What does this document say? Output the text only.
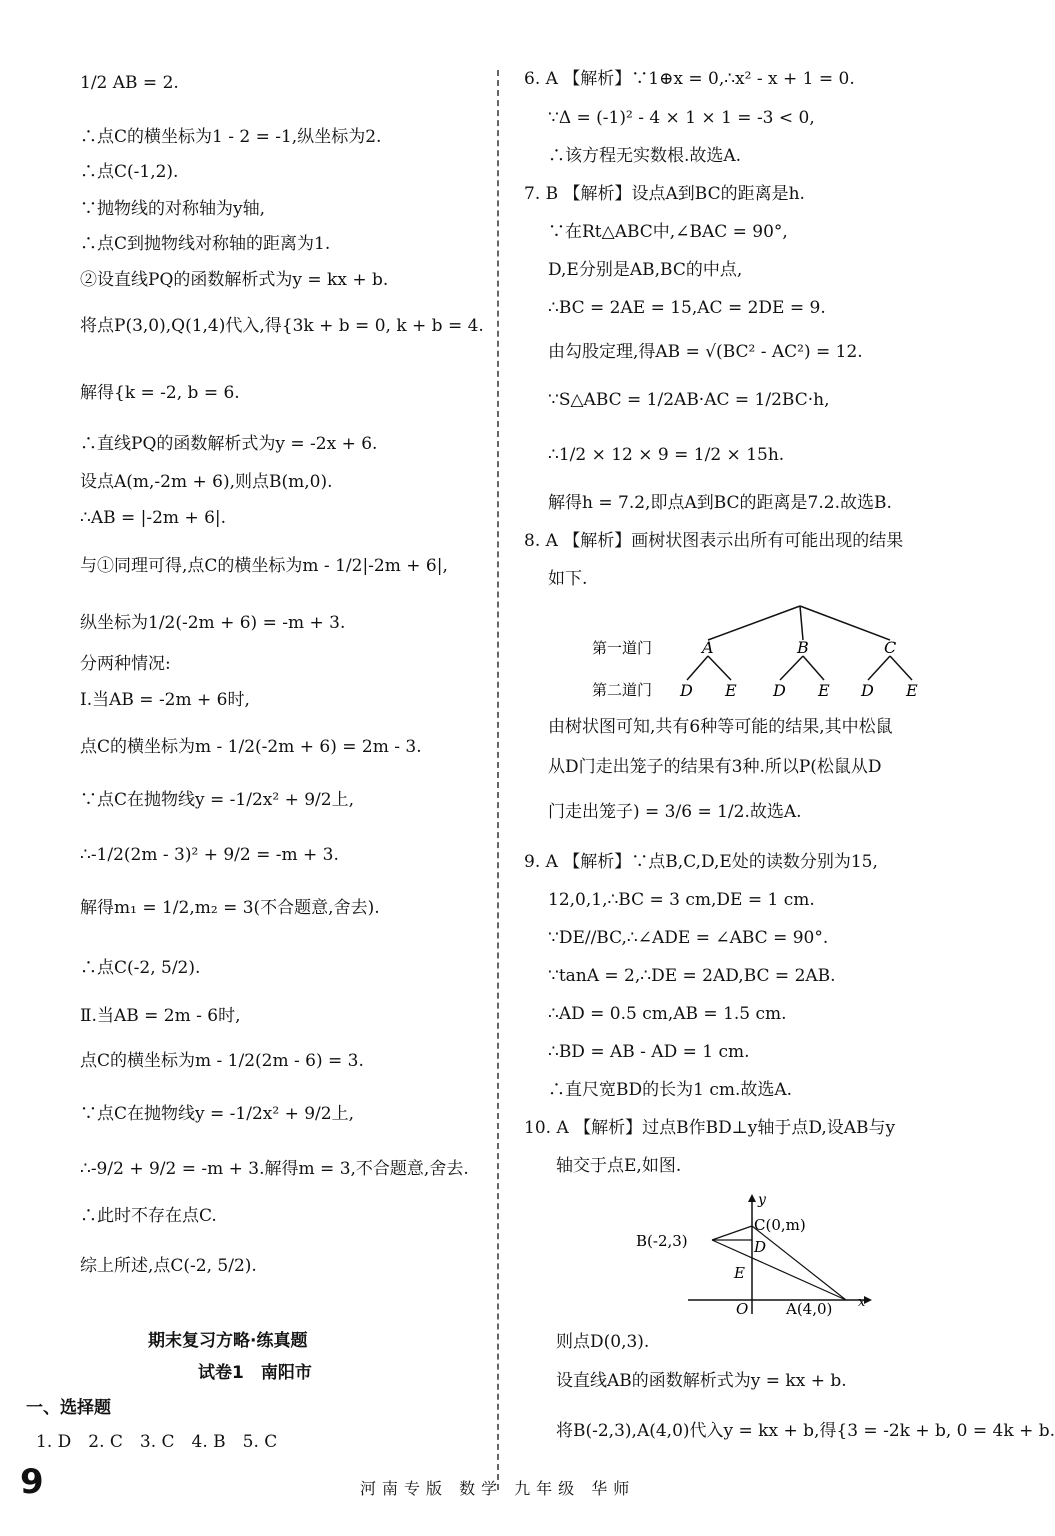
1/2 AB = 2.
∴点C的横坐标为1 - 2 = -1,纵坐标为2.
∴点C(-1,2).
∵抛物线的对称轴为y轴,
∴点C到抛物线对称轴的距离为1.
②设直线PQ的函数解析式为y = kx + b.
将点P(3,0),Q(1,4)代入,得{3k + b = 0, k + b = 4.
解得{k = -2, b = 6.
∴直线PQ的函数解析式为y = -2x + 6.
设点A(m,-2m + 6),则点B(m,0).
∴AB = |-2m + 6|.
与①同理可得,点C的横坐标为m - 1/2|-2m + 6|,
纵坐标为1/2(-2m + 6) = -m + 3.
分两种情况:
Ⅰ.当AB = -2m + 6时,
点C的横坐标为m - 1/2(-2m + 6) = 2m - 3.
∵点C在抛物线y = -1/2x² + 9/2上,
∴-1/2(2m - 3)² + 9/2 = -m + 3.
解得m₁ = 1/2,m₂ = 3(不合题意,舍去).
∴点C(-2, 5/2).
Ⅱ.当AB = 2m - 6时,
点C的横坐标为m - 1/2(2m - 6) = 3.
∵点C在抛物线y = -1/2x² + 9/2上,
∴-9/2 + 9/2 = -m + 3.解得m = 3,不合题意,舍去.
∴此时不存在点C.
综上所述,点C(-2, 5/2).
期末复习方略·练真题
试卷1　南阳市
一、选择题
1. D　2. C　3. C　4. B　5. C
6. A 【解析】∵1⊕x = 0,∴x² - x + 1 = 0.
∵Δ = (-1)² - 4 × 1 × 1 = -3 < 0,
∴该方程无实数根.故选A.
7. B 【解析】设点A到BC的距离是h.
∵在Rt△ABC中,∠BAC = 90°,
D,E分别是AB,BC的中点,
∴BC = 2AE = 15,AC = 2DE = 9.
由勾股定理,得AB = √(BC² - AC²) = 12.
∵S△ABC = 1/2AB·AC = 1/2BC·h,
∴1/2 × 12 × 9 = 1/2 × 15h.
解得h = 7.2,即点A到BC的距离是7.2.故选B.
8. A 【解析】画树状图表示出所有可能出现的结果
如下.
第一道门
第二道门
A	B	C
D E D E D E
由树状图可知,共有6种等可能的结果,其中松鼠
从D门走出笼子的结果有3种.所以P(松鼠从D
门走出笼子) = 3/6 = 1/2.故选A.
9. A 【解析】∵点B,C,D,E处的读数分别为15,
12,0,1,∴BC = 3 cm,DE = 1 cm.
∵DE//BC,∴∠ADE = ∠ABC = 90°.
∵tanA = 2,∴DE = 2AD,BC = 2AB.
∴AD = 0.5 cm,AB = 1.5 cm.
∴BD = AB - AD = 1 cm.
∴直尺宽BD的长为1 cm.故选A.
10. A 【解析】过点B作BD⊥y轴于点D,设AB与y
轴交于点E,如图.
y
C(0,m)
B(-2,3)	D
E
O	A(4,0) x
则点D(0,3).
设直线AB的函数解析式为y = kx + b.
将B(-2,3),A(4,0)代入y = kx + b,得{3 = -2k + b, 0 = 4k + b.
9	河南专版 数学 九年级 华师
